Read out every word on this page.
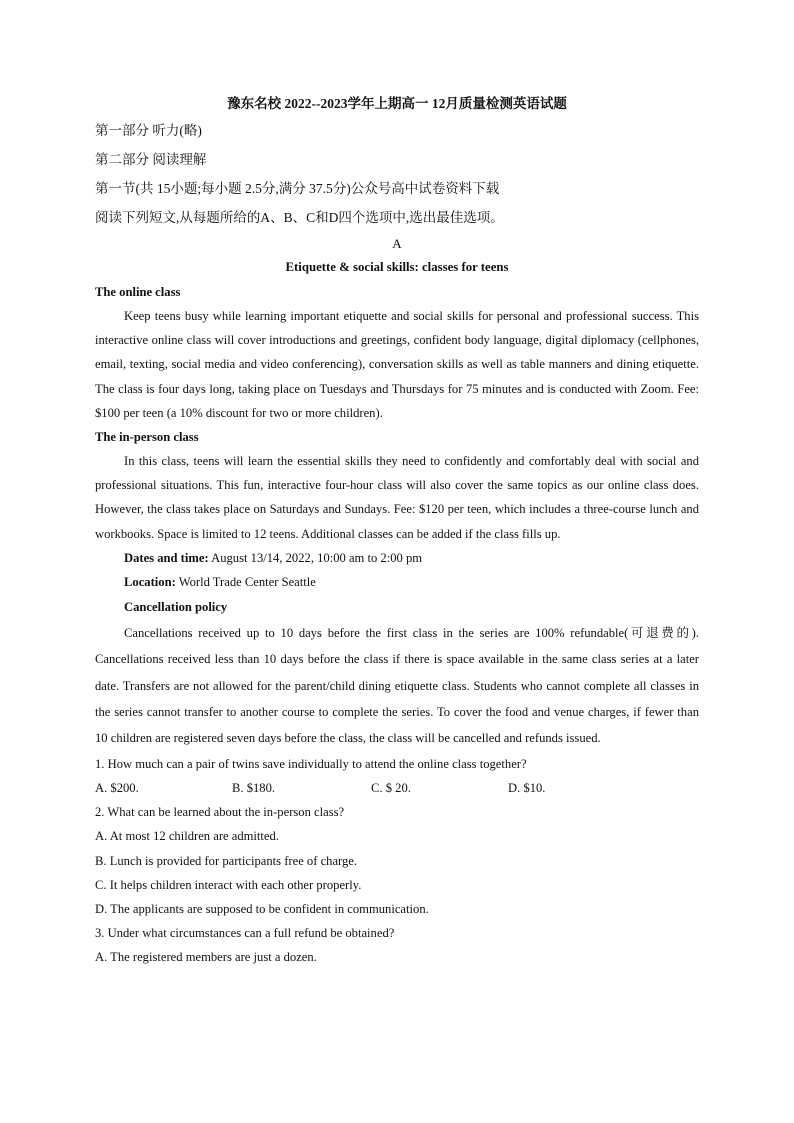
豫东名校 2022--2023学年上期高一 12月质量检测英语试题
第一部分 听力(略)
第二部分 阅读理解
第一节(共 15小题;每小题 2.5分,满分 37.5分)公众号高中试卷资料下载
阅读下列短文,从每题所给的A、B、C和D四个选项中,选出最佳选项。
A
Etiquette & social skills: classes for teens
The online class

Keep teens busy while learning important etiquette and social skills for personal and professional success. This interactive online class will cover introductions and greetings, confident body language, digital diplomacy (cellphones, email, texting, social media and video conferencing), conversation skills as well as table manners and dining etiquette. The class is four days long, taking place on Tuesdays and Thursdays for 75 minutes and is conducted with Zoom. Fee: $100 per teen (a 10% discount for two or more children).

The in-person class

In this class, teens will learn the essential skills they need to confidently and comfortably deal with social and professional situations. This fun, interactive four-hour class will also cover the same topics as our online class does. However, the class takes place on Saturdays and Sundays. Fee: $120 per teen, which includes a three-course lunch and workbooks. Space is limited to 12 teens. Additional classes can be added if the class fills up.

Dates and time: August 13/14, 2022, 10:00 am to 2:00 pm
Location: World Trade Center Seattle
Cancellation policy

Cancellations received up to 10 days before the first class in the series are 100% refundable(可退费的). Cancellations received less than 10 days before the class if there is space available in the same class series at a later date. Transfers are not allowed for the parent/child dining etiquette class. Students who cannot complete all classes in the series cannot transfer to another course to complete the series. To cover the food and venue charges, if fewer than 10 children are registered seven days before the class, the class will be cancelled and refunds issued.

1. How much can a pair of twins save individually to attend the online class together?
A. $200.	B. $180.	C. $ 20.	D. $10.
2. What can be learned about the in-person class?
A. At most 12 children are admitted.
B. Lunch is provided for participants free of charge.
C. It helps children interact with each other properly.
D. The applicants are supposed to be confident in communication.
3. Under what circumstances can a full refund be obtained?
A. The registered members are just a dozen.
